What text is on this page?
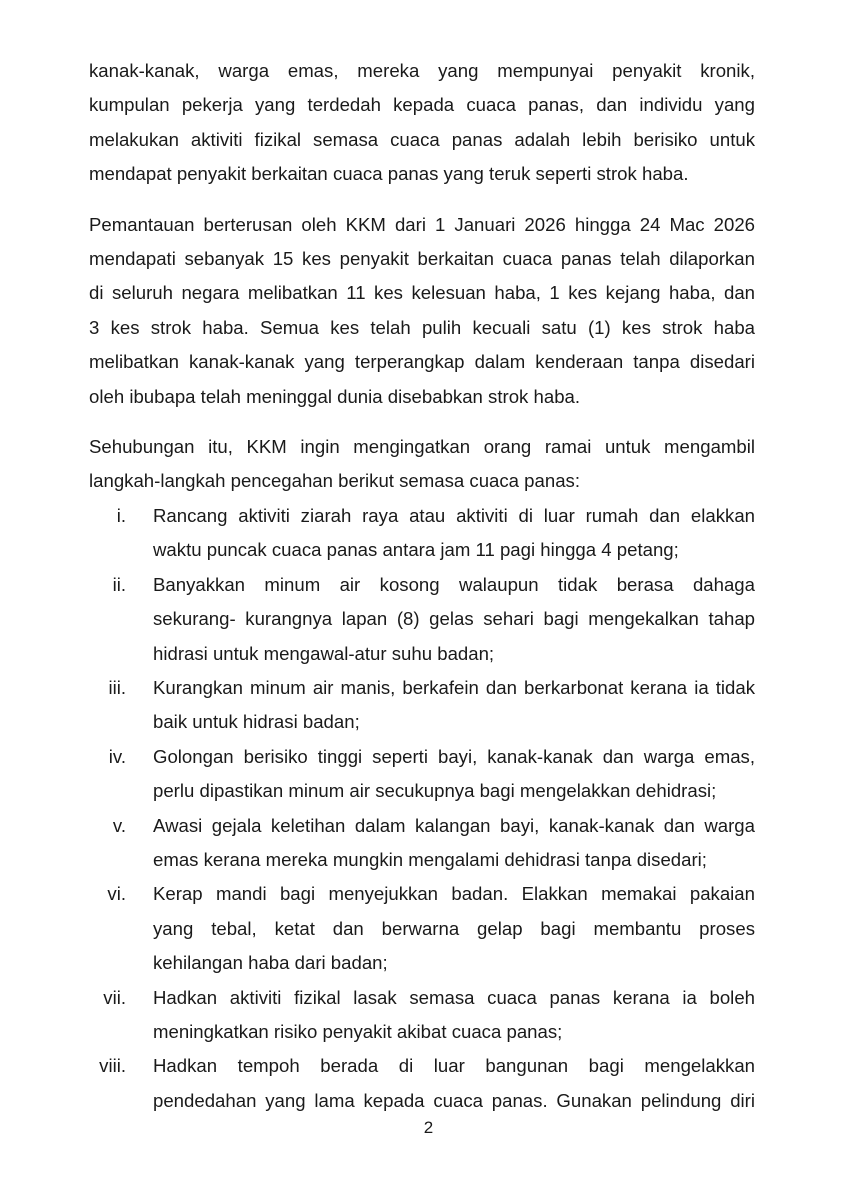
kanak-kanak, warga emas, mereka yang mempunyai penyakit kronik,
kumpulan pekerja yang terdedah kepada cuaca panas, dan individu yang
melakukan aktiviti fizikal semasa cuaca panas adalah lebih berisiko untuk
mendapat penyakit berkaitan cuaca panas yang teruk seperti strok haba.
Pemantauan berterusan oleh KKM dari 1 Januari 2026 hingga 24 Mac 2026
mendapati sebanyak 15 kes penyakit berkaitan cuaca panas telah dilaporkan
di seluruh negara melibatkan 11 kes kelesuan haba, 1 kes kejang haba, dan
3 kes strok haba. Semua kes telah pulih kecuali satu (1) kes strok haba
melibatkan kanak-kanak yang terperangkap dalam kenderaan tanpa disedari
oleh ibubapa telah meninggal dunia disebabkan strok haba.
Sehubungan itu, KKM ingin mengingatkan orang ramai untuk mengambil
langkah-langkah pencegahan berikut semasa cuaca panas:
i. Rancang aktiviti ziarah raya atau aktiviti di luar rumah dan elakkan
waktu puncak cuaca panas antara jam 11 pagi hingga 4 petang;
ii. Banyakkan minum air kosong walaupun tidak berasa dahaga
sekurang- kurangnya lapan (8) gelas sehari bagi mengekalkan tahap
hidrasi untuk mengawal-atur suhu badan;
iii. Kurangkan minum air manis, berkafein dan berkarbonat kerana ia tidak
baik untuk hidrasi badan;
iv. Golongan berisiko tinggi seperti bayi, kanak-kanak dan warga emas,
perlu dipastikan minum air secukupnya bagi mengelakkan dehidrasi;
v. Awasi gejala keletihan dalam kalangan bayi, kanak-kanak dan warga
emas kerana mereka mungkin mengalami dehidrasi tanpa disedari;
vi. Kerap mandi bagi menyejukkan badan. Elakkan memakai pakaian
yang tebal, ketat dan berwarna gelap bagi membantu proses
kehilangan haba dari badan;
vii. Hadkan aktiviti fizikal lasak semasa cuaca panas kerana ia boleh
meningkatkan risiko penyakit akibat cuaca panas;
viii. Hadkan tempoh berada di luar bangunan bagi mengelakkan
pendedahan yang lama kepada cuaca panas. Gunakan pelindung diri
2
